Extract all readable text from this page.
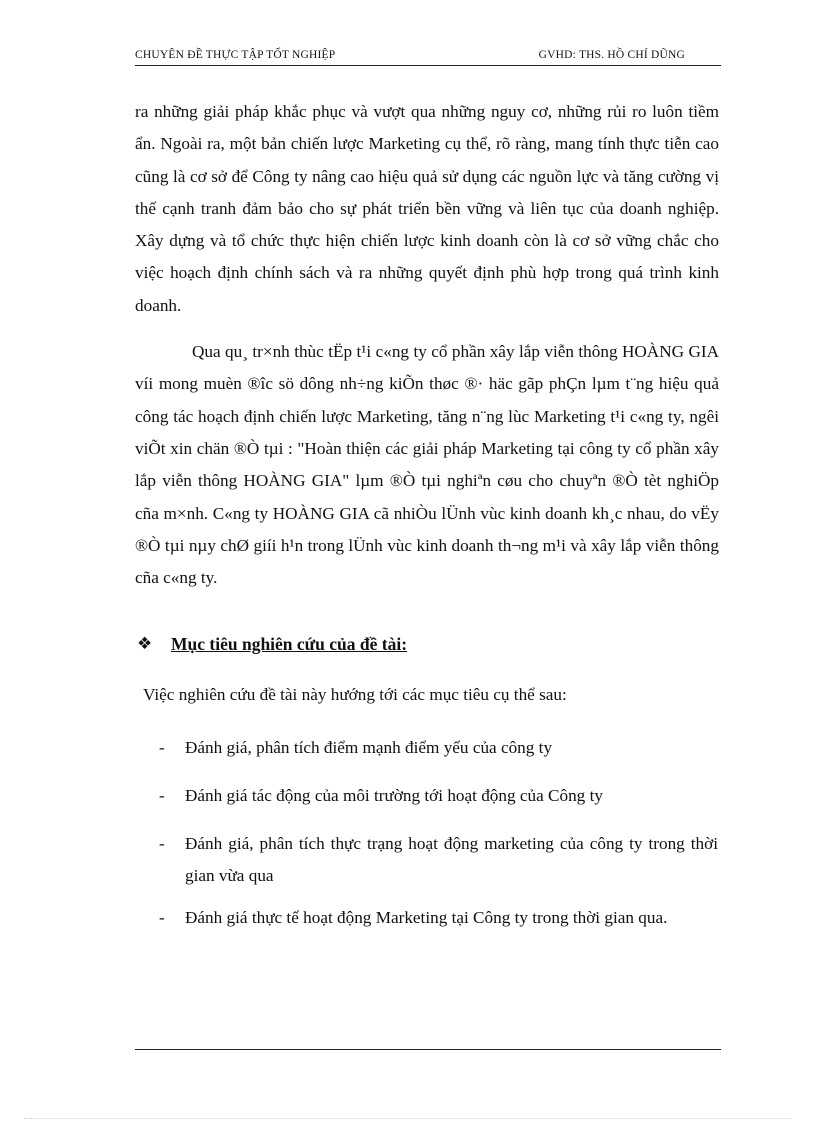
CHUYÊN ĐỀ THỰC TẬP TỐT NGHIỆP	GVHD: THS. HỒ CHÍ DŨNG

ra những giải pháp khắc phục và vượt qua những nguy cơ, những rủi ro luôn tiềm ẩn. Ngoài ra, một bản chiến lược Marketing cụ thể, rõ ràng, mang tính thực tiễn cao cũng là cơ sở để Công ty nâng cao hiệu quả sử dụng các nguồn lực và tăng cường vị thế cạnh tranh đảm bảo cho sự phát triển bền vững và liên tục của doanh nghiệp. Xây dựng và tổ chức thực hiện chiến lược kinh doanh còn là cơ sở vững chắc cho việc hoạch định chính sách và ra những quyết định phù hợp trong quá trình kinh doanh.

Qua qu¸ tr×nh thùc tËp t¹i c«ng ty cổ phần xây lắp viễn thông HOÀNG GIA víi mong muèn ®îc sö dông nh÷ng kiÕn thøc ®· häc gãp phÇn lµm t¨ng hiệu quả công tác hoạch định chiến lược Marketing, tăng n¨ng lùc Marketing t¹i c«ng ty, ngêi viÕt xin chän ®Ò tµi : "Hoàn thiện các giải pháp Marketing tại công ty cổ phần xây lắp viễn thông HOÀNG GIA" lµm ®Ò tµi nghiªn cøu cho chuyªn ®Ò tèt nghiÖp cña m×nh. C«ng ty HOÀNG GIA cã nhiÒu lÜnh vùc kinh doanh kh¸c nhau, do vËy ®Ò tµi nµy chØ giíi h¹n trong lÜnh vùc kinh doanh th¬ng m¹i và xây lắp viễn thông cña c«ng ty.

❖ Mục tiêu nghiên cứu của đề tài:
Việc nghiên cứu đề tài này hướng tới các mục tiêu cụ thể sau:
- Đánh giá, phân tích điểm mạnh điểm yếu của công ty
- Đánh giá tác động của môi trường tới hoạt động của Công ty
- Đánh giá, phân tích thực trạng hoạt động marketing của công ty trong thời gian vừa qua
- Đánh giá thực tế hoạt động Marketing tại Công ty trong thời gian qua.
